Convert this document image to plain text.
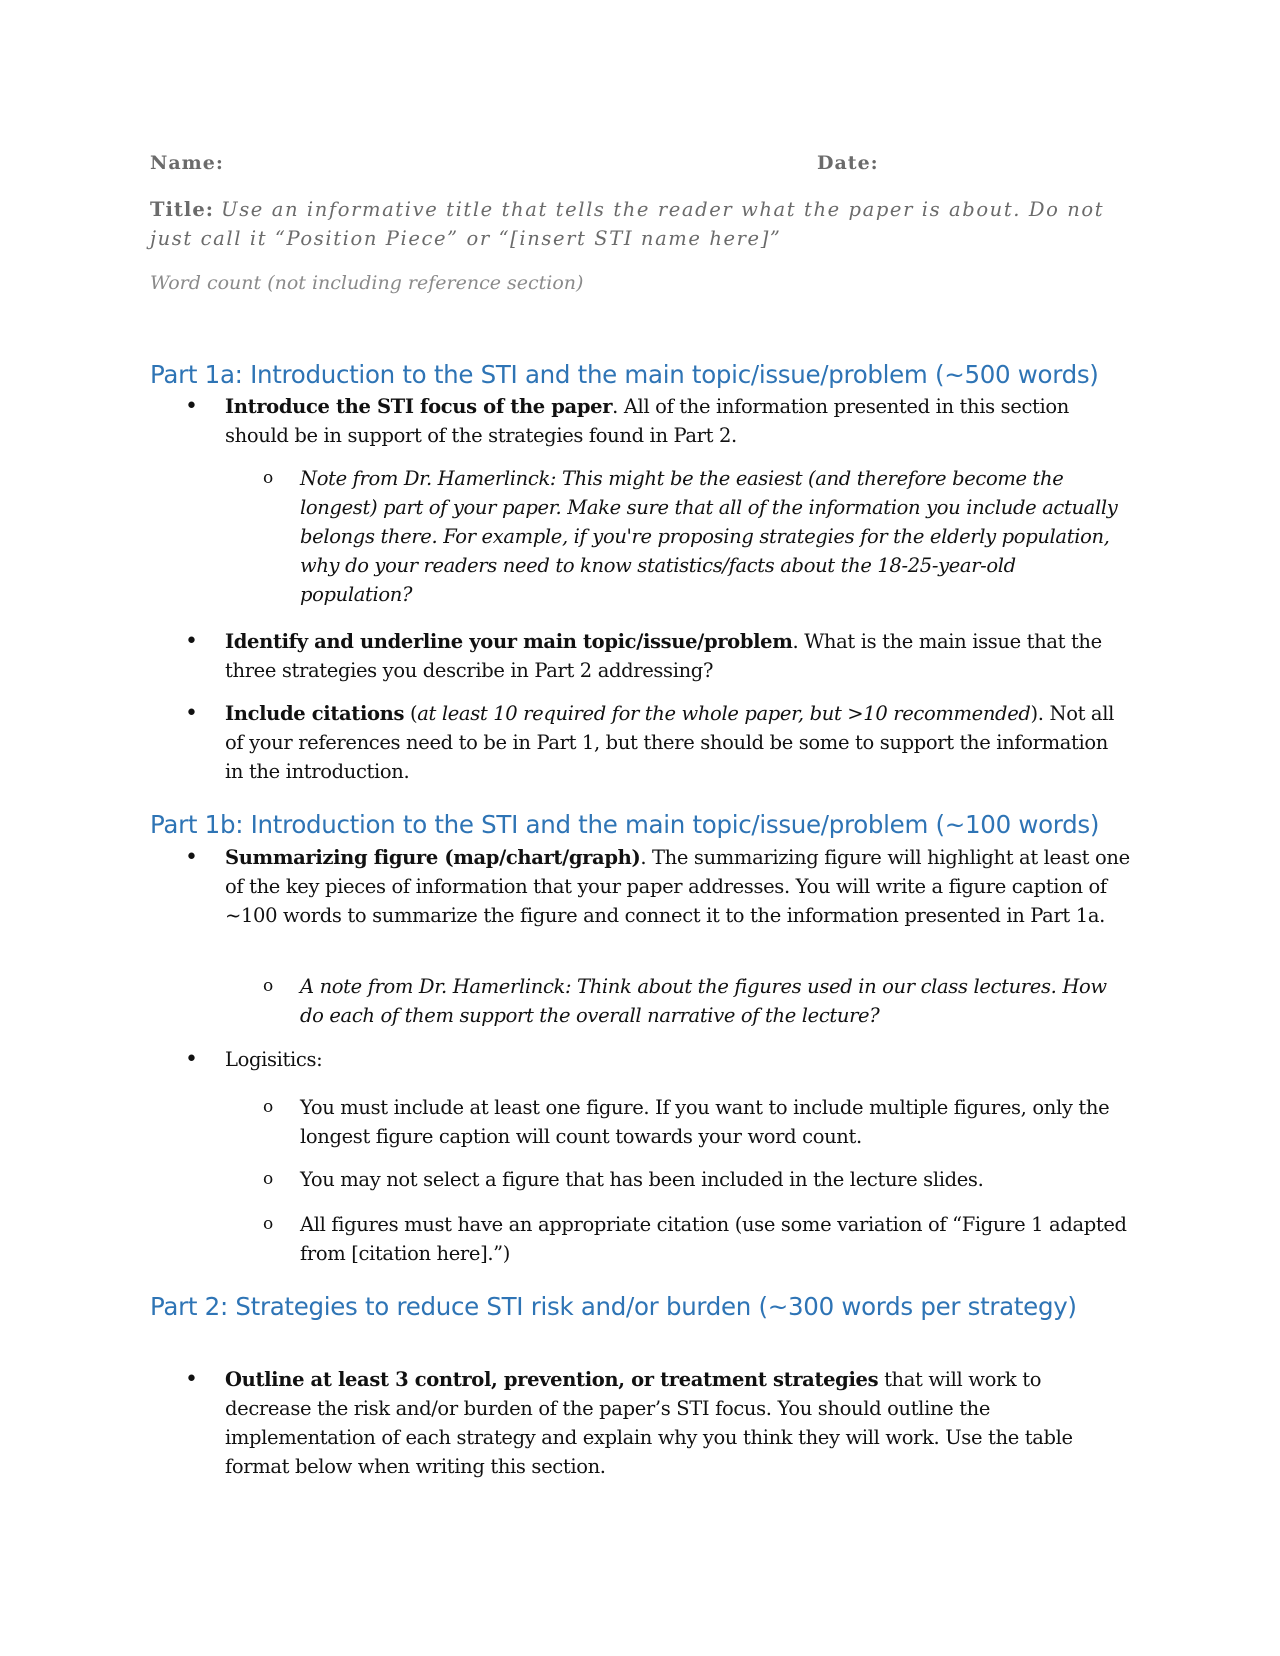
Name:	Date:
Title: Use an informative title that tells the reader what the paper is about. Do not just call it “Position Piece” or “[insert STI name here]”
Word count (not including reference section)
Part 1a: Introduction to the STI and the main topic/issue/problem (~500 words)
• Introduce the STI focus of the paper. All of the information presented in this section should be in support of the strategies found in Part 2.
o Note from Dr. Hamerlinck: This might be the easiest (and therefore become the longest) part of your paper. Make sure that all of the information you include actually belongs there. For example, if you're proposing strategies for the elderly population, why do your readers need to know statistics/facts about the 18-25-year-old population?
• Identify and underline your main topic/issue/problem. What is the main issue that the three strategies you describe in Part 2 addressing?
• Include citations (at least 10 required for the whole paper, but >10 recommended). Not all of your references need to be in Part 1, but there should be some to support the information in the introduction.
Part 1b: Introduction to the STI and the main topic/issue/problem (~100 words)
• Summarizing figure (map/chart/graph). The summarizing figure will highlight at least one of the key pieces of information that your paper addresses. You will write a figure caption of ~100 words to summarize the figure and connect it to the information presented in Part 1a.
o A note from Dr. Hamerlinck: Think about the figures used in our class lectures. How do each of them support the overall narrative of the lecture?
• Logisitics:
o You must include at least one figure. If you want to include multiple figures, only the longest figure caption will count towards your word count.
o You may not select a figure that has been included in the lecture slides.
o All figures must have an appropriate citation (use some variation of “Figure 1 adapted from [citation here].”)
Part 2: Strategies to reduce STI risk and/or burden (~300 words per strategy)
• Outline at least 3 control, prevention, or treatment strategies that will work to decrease the risk and/or burden of the paper’s STI focus. You should outline the implementation of each strategy and explain why you think they will work. Use the table format below when writing this section.
